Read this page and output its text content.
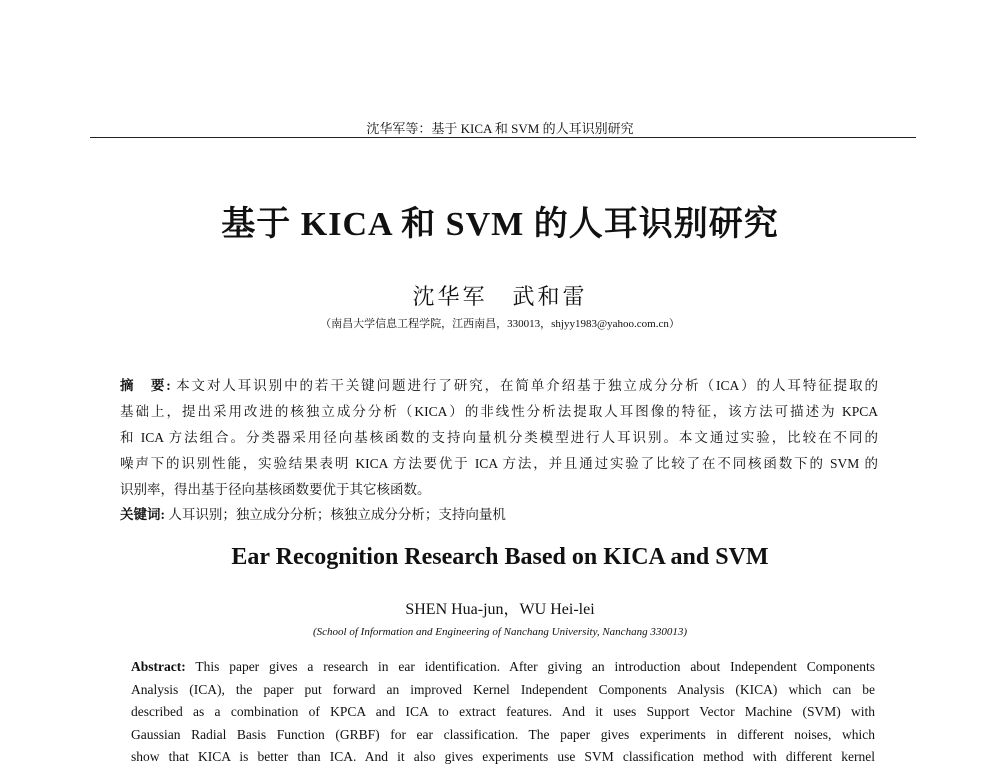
沈华军等：基于 KICA 和 SVM 的人耳识别研究
基于 KICA 和 SVM 的人耳识别研究
沈华军　武和雷
（南昌大学信息工程学院，江西南昌，330013，shjyy1983@yahoo.com.cn）
摘　要: 本文对人耳识别中的若干关键问题进行了研究，在简单介绍基于独立成分分析（ICA）的人耳特征提取的
基础上，提出采用改进的核独立成分分析（KICA）的非线性分析法提取人耳图像的特征，该方法可描述为 KPCA
和 ICA 方法组合。分类器采用径向基核函数的支持向量机分类模型进行人耳识别。本文通过实验，比较在不同的
噪声下的识别性能，实验结果表明 KICA 方法要优于 ICA 方法，并且通过实验了比较了在不同核函数下的 SVM 的
识别率，得出基于径向基核函数要优于其它核函数。
关键词: 人耳识别；独立成分分析；核独立成分分析；支持向量机
Ear Recognition Research Based on KICA and SVM
SHEN Hua-jun，WU Hei-lei
(School of Information and Engineering of Nanchang University, Nanchang 330013)
Abstract: This paper gives a research in ear identification. After giving an introduction about Independent Components
Analysis (ICA), the paper put forward an improved Kernel Independent Components Analysis (KICA) which can be
described as a combination of KPCA and ICA to extract features. And it uses Support Vector Machine (SVM) with
Gaussian Radial Basis Function (GRBF) for ear classification. The paper gives experiments in different noises, which
show that KICA is better than ICA. And it also gives experiments use SVM classification method with different kernel
